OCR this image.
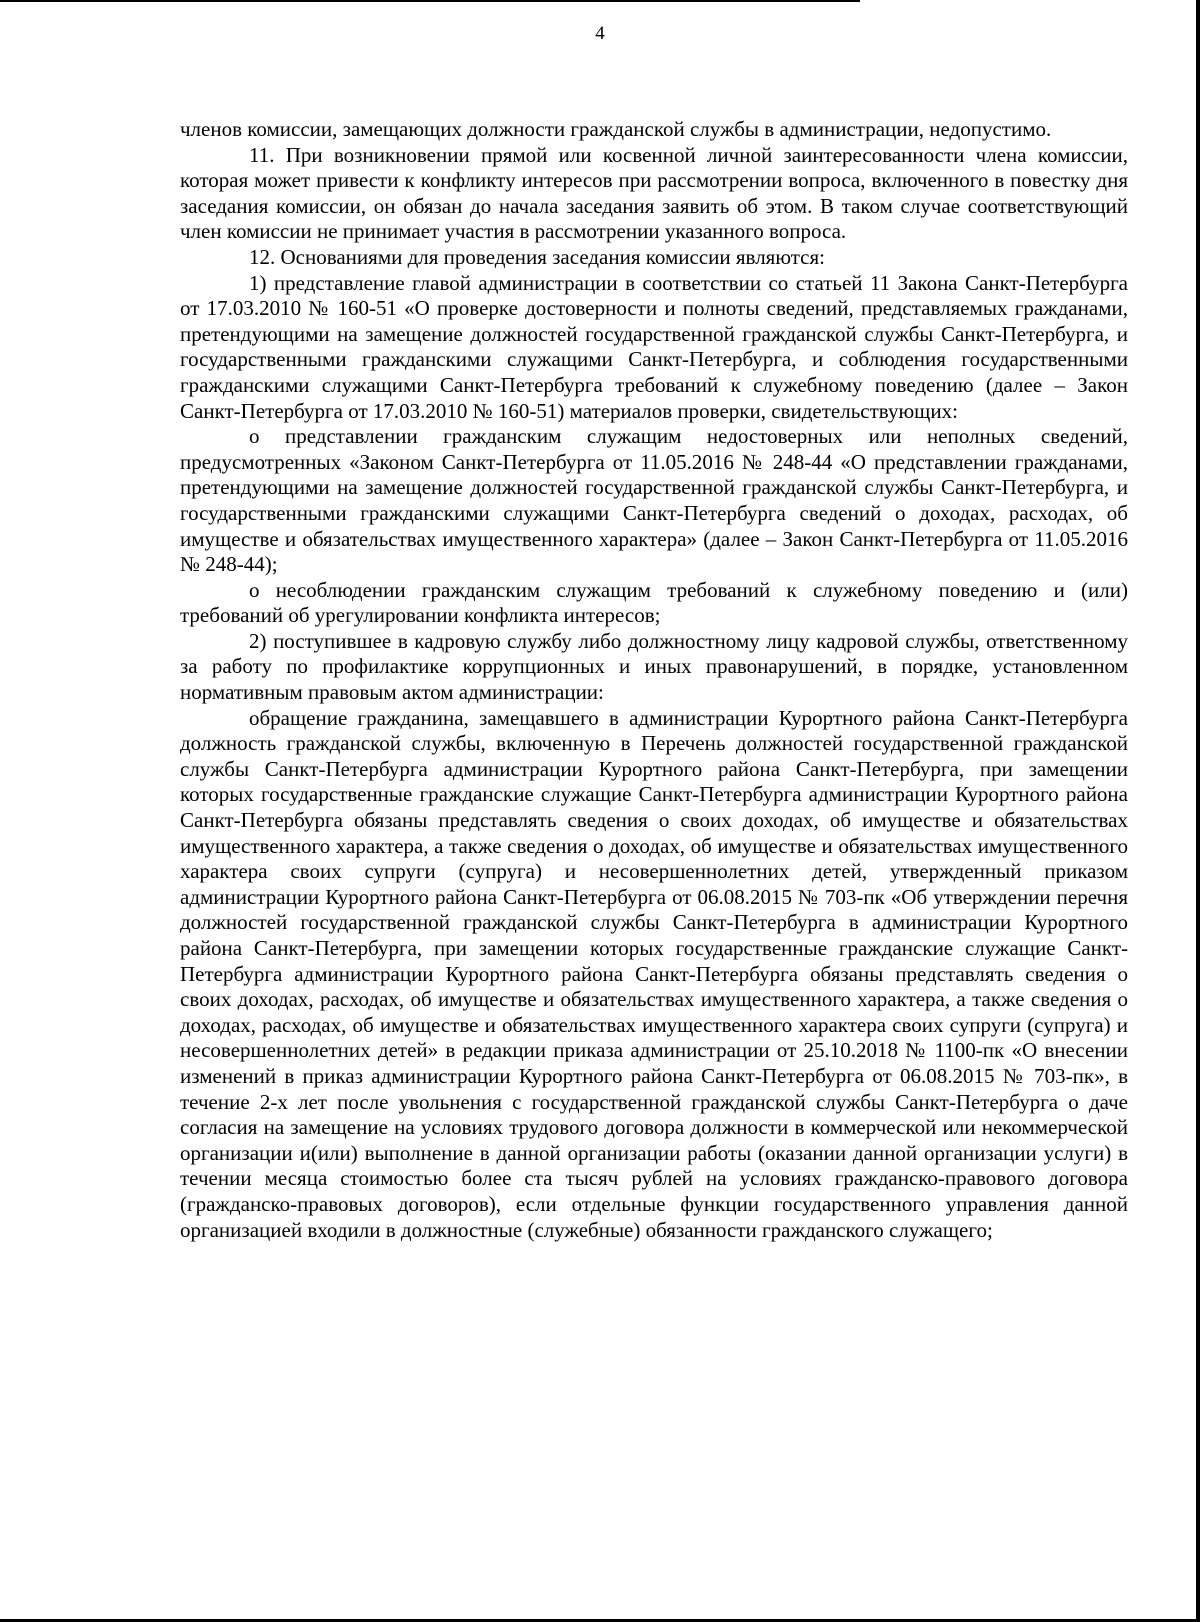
4

членов комиссии, замещающих должности гражданской службы в администрации, недопустимо.

11. При возникновении прямой или косвенной личной заинтересованности члена комиссии, которая может привести к конфликту интересов при рассмотрении вопроса, включенного в повестку дня заседания комиссии, он обязан до начала заседания заявить об этом. В таком случае соответствующий член комиссии не принимает участия в рассмотрении указанного вопроса.

12. Основаниями для проведения заседания комиссии являются:

1) представление главой администрации в соответствии со статьей 11 Закона Санкт-Петербурга от 17.03.2010 № 160-51 «О проверке достоверности и полноты сведений, представляемых гражданами, претендующими на замещение должностей государственной гражданской службы Санкт-Петербурга, и государственными гражданскими служащими Санкт-Петербурга, и соблюдения государственными гражданскими служащими Санкт-Петербурга требований к служебному поведению (далее – Закон Санкт-Петербурга от 17.03.2010 № 160-51) материалов проверки, свидетельствующих:

о представлении гражданским служащим недостоверных или неполных сведений, предусмотренных «Законом Санкт-Петербурга от 11.05.2016 № 248-44 «О представлении гражданами, претендующими на замещение должностей государственной гражданской службы Санкт-Петербурга, и государственными гражданскими служащими Санкт-Петербурга сведений о доходах, расходах, об имуществе и обязательствах имущественного характера» (далее – Закон Санкт-Петербурга от 11.05.2016 № 248-44);

о несоблюдении гражданским служащим требований к служебному поведению и (или) требований об урегулировании конфликта интересов;

2) поступившее в кадровую службу либо должностному лицу кадровой службы, ответственному за работу по профилактике коррупционных и иных правонарушений, в порядке, установленном нормативным правовым актом администрации:

обращение гражданина, замещавшего в администрации Курортного района Санкт-Петербурга должность гражданской службы, включенную в Перечень должностей государственной гражданской службы Санкт-Петербурга администрации Курортного района Санкт-Петербурга, при замещении которых государственные гражданские служащие Санкт-Петербурга администрации Курортного района Санкт-Петербурга обязаны представлять сведения о своих доходах, об имуществе и обязательствах имущественного характера, а также сведения о доходах, об имуществе и обязательствах имущественного характера своих супруги (супруга) и несовершеннолетних детей, утвержденный приказом администрации Курортного района Санкт-Петербурга от 06.08.2015 № 703-пк «Об утверждении перечня должностей государственной гражданской службы Санкт-Петербурга в администрации Курортного района Санкт-Петербурга, при замещении которых государственные гражданские служащие Санкт-Петербурга администрации Курортного района Санкт-Петербурга обязаны представлять сведения о своих доходах, расходах, об имуществе и обязательствах имущественного характера, а также сведения о доходах, расходах, об имуществе и обязательствах имущественного характера своих супруги (супруга) и несовершеннолетних детей» в редакции приказа администрации от 25.10.2018 № 1100-пк «О внесении изменений в приказ администрации Курортного района Санкт-Петербурга от 06.08.2015 № 703-пк», в течение 2-х лет после увольнения с государственной гражданской службы Санкт-Петербурга о даче согласия на замещение на условиях трудового договора должности в коммерческой или некоммерческой организации и(или) выполнение в данной организации работы (оказании данной организации услуги) в течении месяца стоимостью более ста тысяч рублей на условиях гражданско-правового договора (гражданско-правовых договоров), если отдельные функции государственного управления данной организацией входили в должностные (служебные) обязанности гражданского служащего;
